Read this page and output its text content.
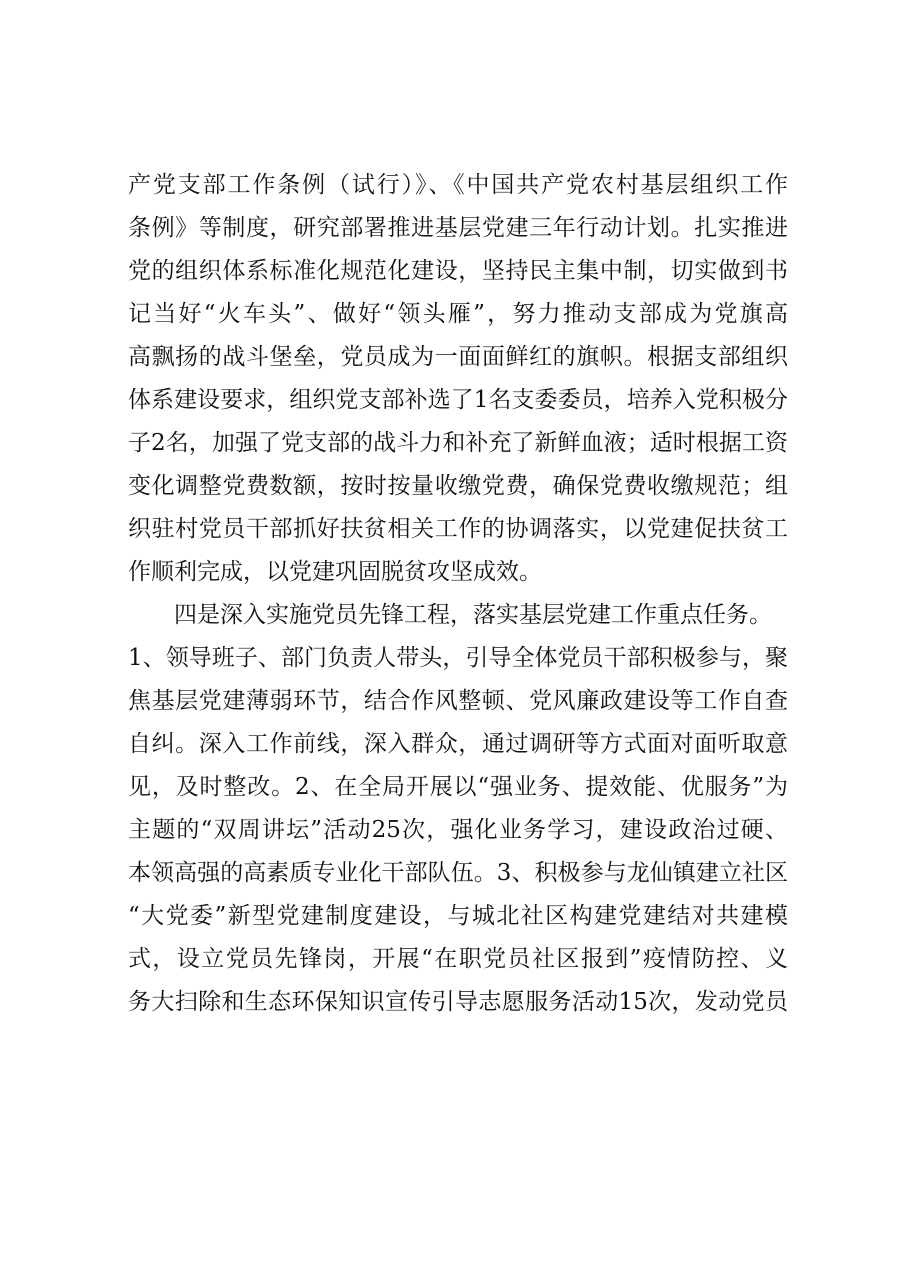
产党支部工作条例（试行）》、《中国共产党农村基层组织工作
条例》等制度，研究部署推进基层党建三年行动计划。扎实推进
党的组织体系标准化规范化建设，坚持民主集中制，切实做到书
记当好“火车头”、做好“领头雁”，努力推动支部成为党旗高
高飘扬的战斗堡垒，党员成为一面面鲜红的旗帜。根据支部组织
体系建设要求，组织党支部补选了1名支委委员，培养入党积极分
子2名，加强了党支部的战斗力和补充了新鲜血液；适时根据工资
变化调整党费数额，按时按量收缴党费，确保党费收缴规范；组
织驻村党员干部抓好扶贫相关工作的协调落实，以党建促扶贫工
作顺利完成，以党建巩固脱贫攻坚成效。
四是深入实施党员先锋工程，落实基层党建工作重点任务。
1、领导班子、部门负责人带头，引导全体党员干部积极参与，聚
焦基层党建薄弱环节，结合作风整顿、党风廉政建设等工作自查
自纠。深入工作前线，深入群众，通过调研等方式面对面听取意
见，及时整改。2、在全局开展以“强业务、提效能、优服务”为
主题的“双周讲坛”活动25次，强化业务学习，建设政治过硬、
本领高强的高素质专业化干部队伍。3、积极参与龙仙镇建立社区
“大党委”新型党建制度建设，与城北社区构建党建结对共建模
式，设立党员先锋岗，开展“在职党员社区报到”疫情防控、义
务大扫除和生态环保知识宣传引导志愿服务活动15次，发动党员
